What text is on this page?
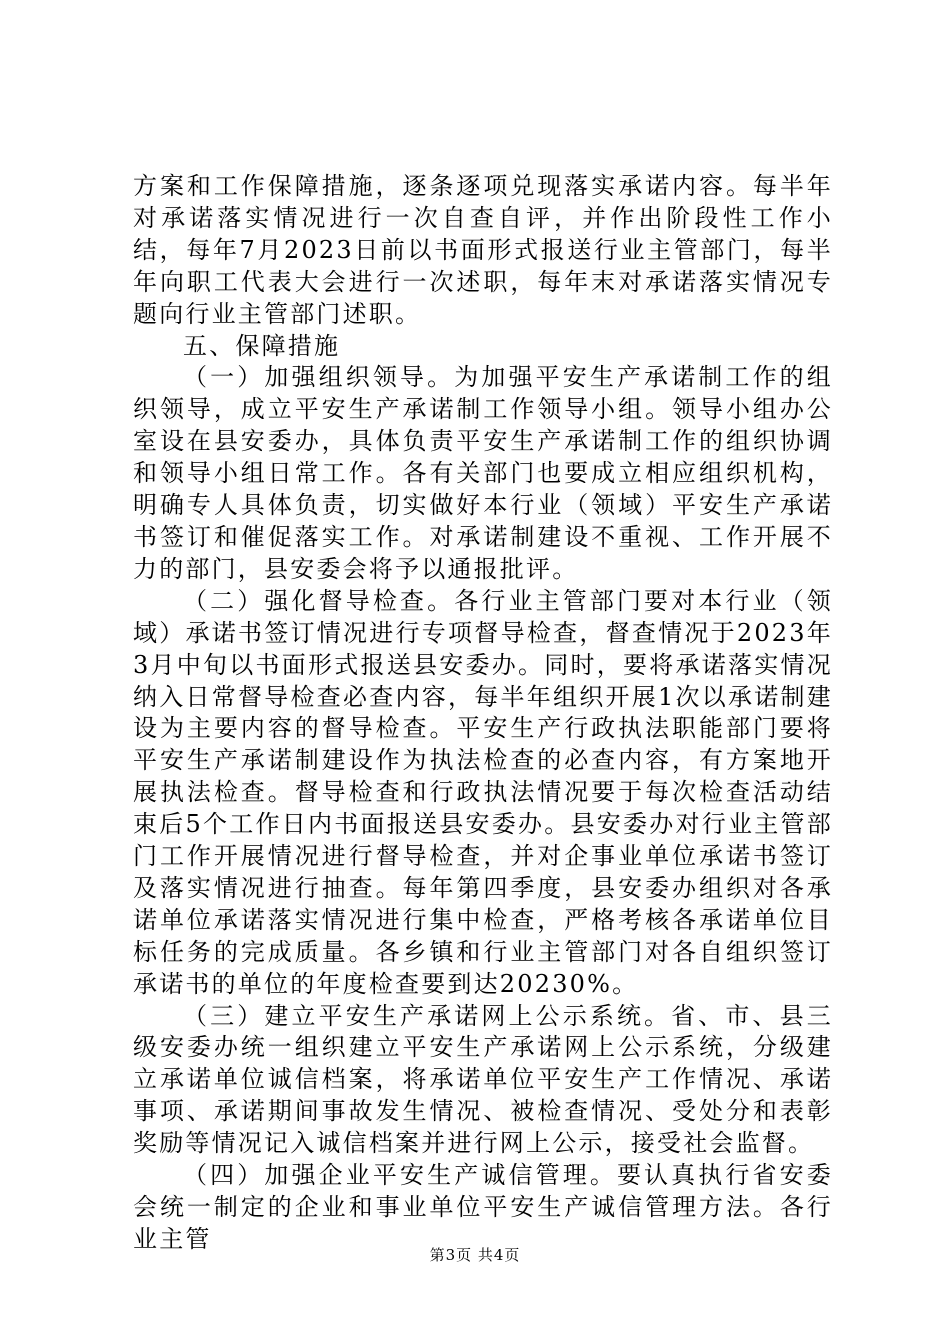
方案和工作保障措施，逐条逐项兑现落实承诺内容。每半年对承诺落实情况进行一次自查自评，并作出阶段性工作小结，每年7月2023日前以书面形式报送行业主管部门，每半年向职工代表大会进行一次述职，每年末对承诺落实情况专题向行业主管部门述职。

五、保障措施

（一）加强组织领导。为加强平安生产承诺制工作的组织领导，成立平安生产承诺制工作领导小组。领导小组办公室设在县安委办，具体负责平安生产承诺制工作的组织协调和领导小组日常工作。各有关部门也要成立相应组织机构，明确专人具体负责，切实做好本行业（领域）平安生产承诺书签订和催促落实工作。对承诺制建设不重视、工作开展不力的部门，县安委会将予以通报批评。

（二）强化督导检查。各行业主管部门要对本行业（领域）承诺书签订情况进行专项督导检查，督查情况于2023年3月中旬以书面形式报送县安委办。同时，要将承诺落实情况纳入日常督导检查必查内容，每半年组织开展1次以承诺制建设为主要内容的督导检查。平安生产行政执法职能部门要将平安生产承诺制建设作为执法检查的必查内容，有方案地开展执法检查。督导检查和行政执法情况要于每次检查活动结束后5个工作日内书面报送县安委办。县安委办对行业主管部门工作开展情况进行督导检查，并对企事业单位承诺书签订及落实情况进行抽查。每年第四季度，县安委办组织对各承诺单位承诺落实情况进行集中检查，严格考核各承诺单位目标任务的完成质量。各乡镇和行业主管部门对各自组织签订承诺书的单位的年度检查要到达20230%。

（三）建立平安生产承诺网上公示系统。省、市、县三级安委办统一组织建立平安生产承诺网上公示系统，分级建立承诺单位诚信档案，将承诺单位平安生产工作情况、承诺事项、承诺期间事故发生情况、被检查情况、受处分和表彰奖励等情况记入诚信档案并进行网上公示，接受社会监督。

（四）加强企业平安生产诚信管理。要认真执行省安委会统一制定的企业和事业单位平安生产诚信管理方法。各行业主管

第3页 共4页
